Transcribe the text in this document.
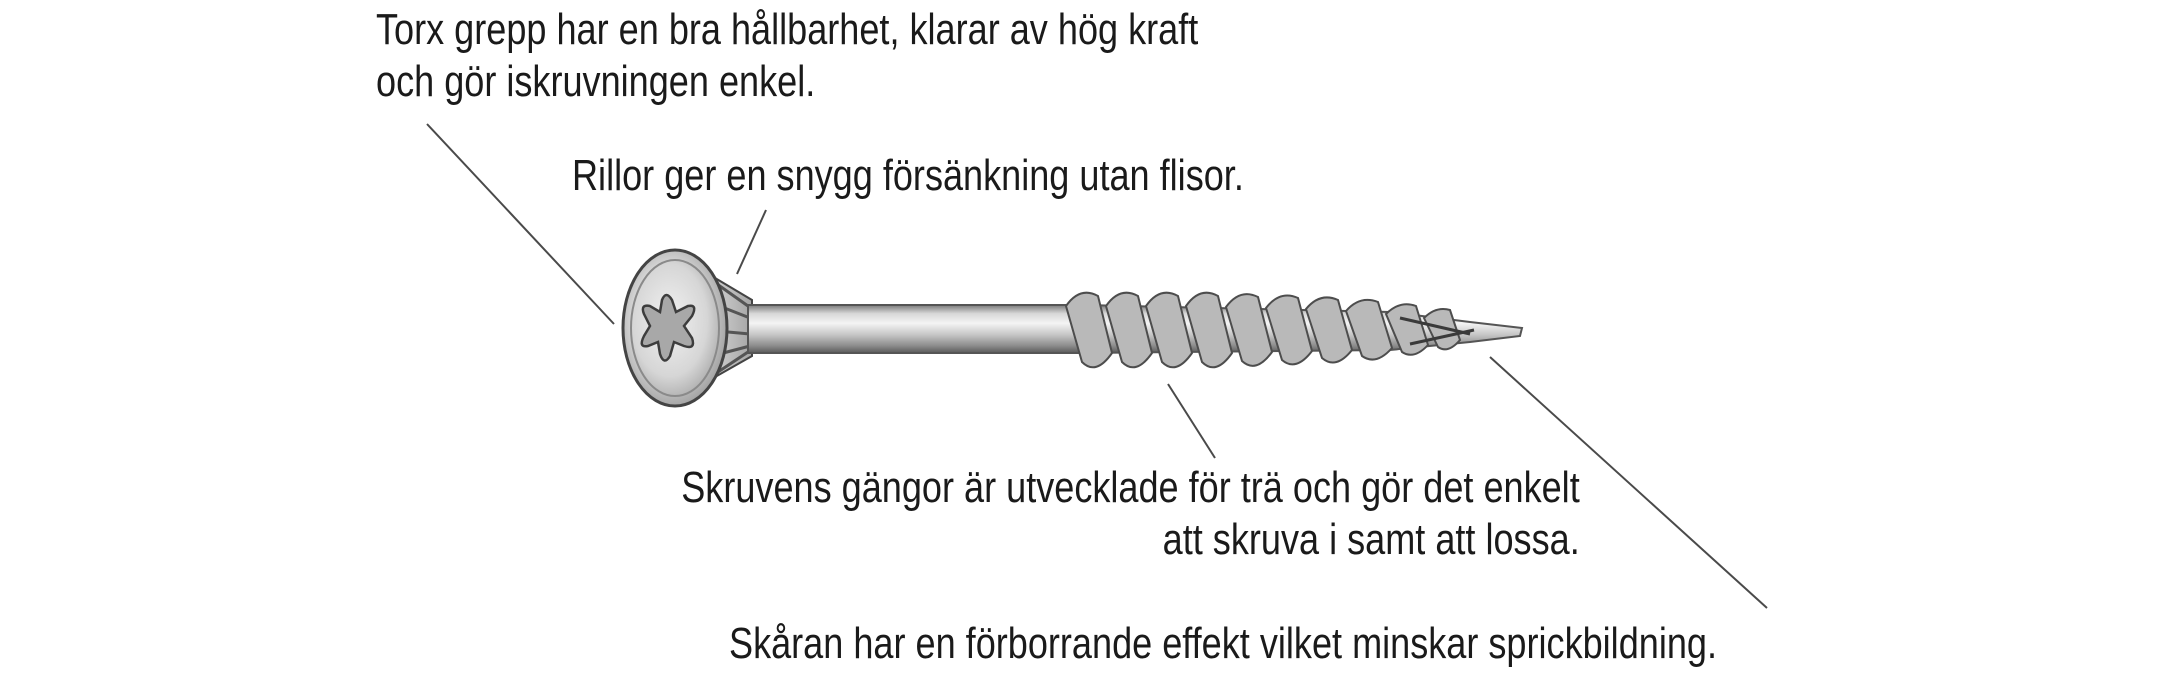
Torx grepp har en bra hållbarhet, klarar av hög kraft
och gör iskruvningen enkel.
Rillor ger en snygg försänkning utan flisor.
Skruvens gängor är utvecklade för trä och gör det enkelt
att skruva i samt att lossa.
Skåran har en förborrande effekt vilket minskar sprickbildning.
